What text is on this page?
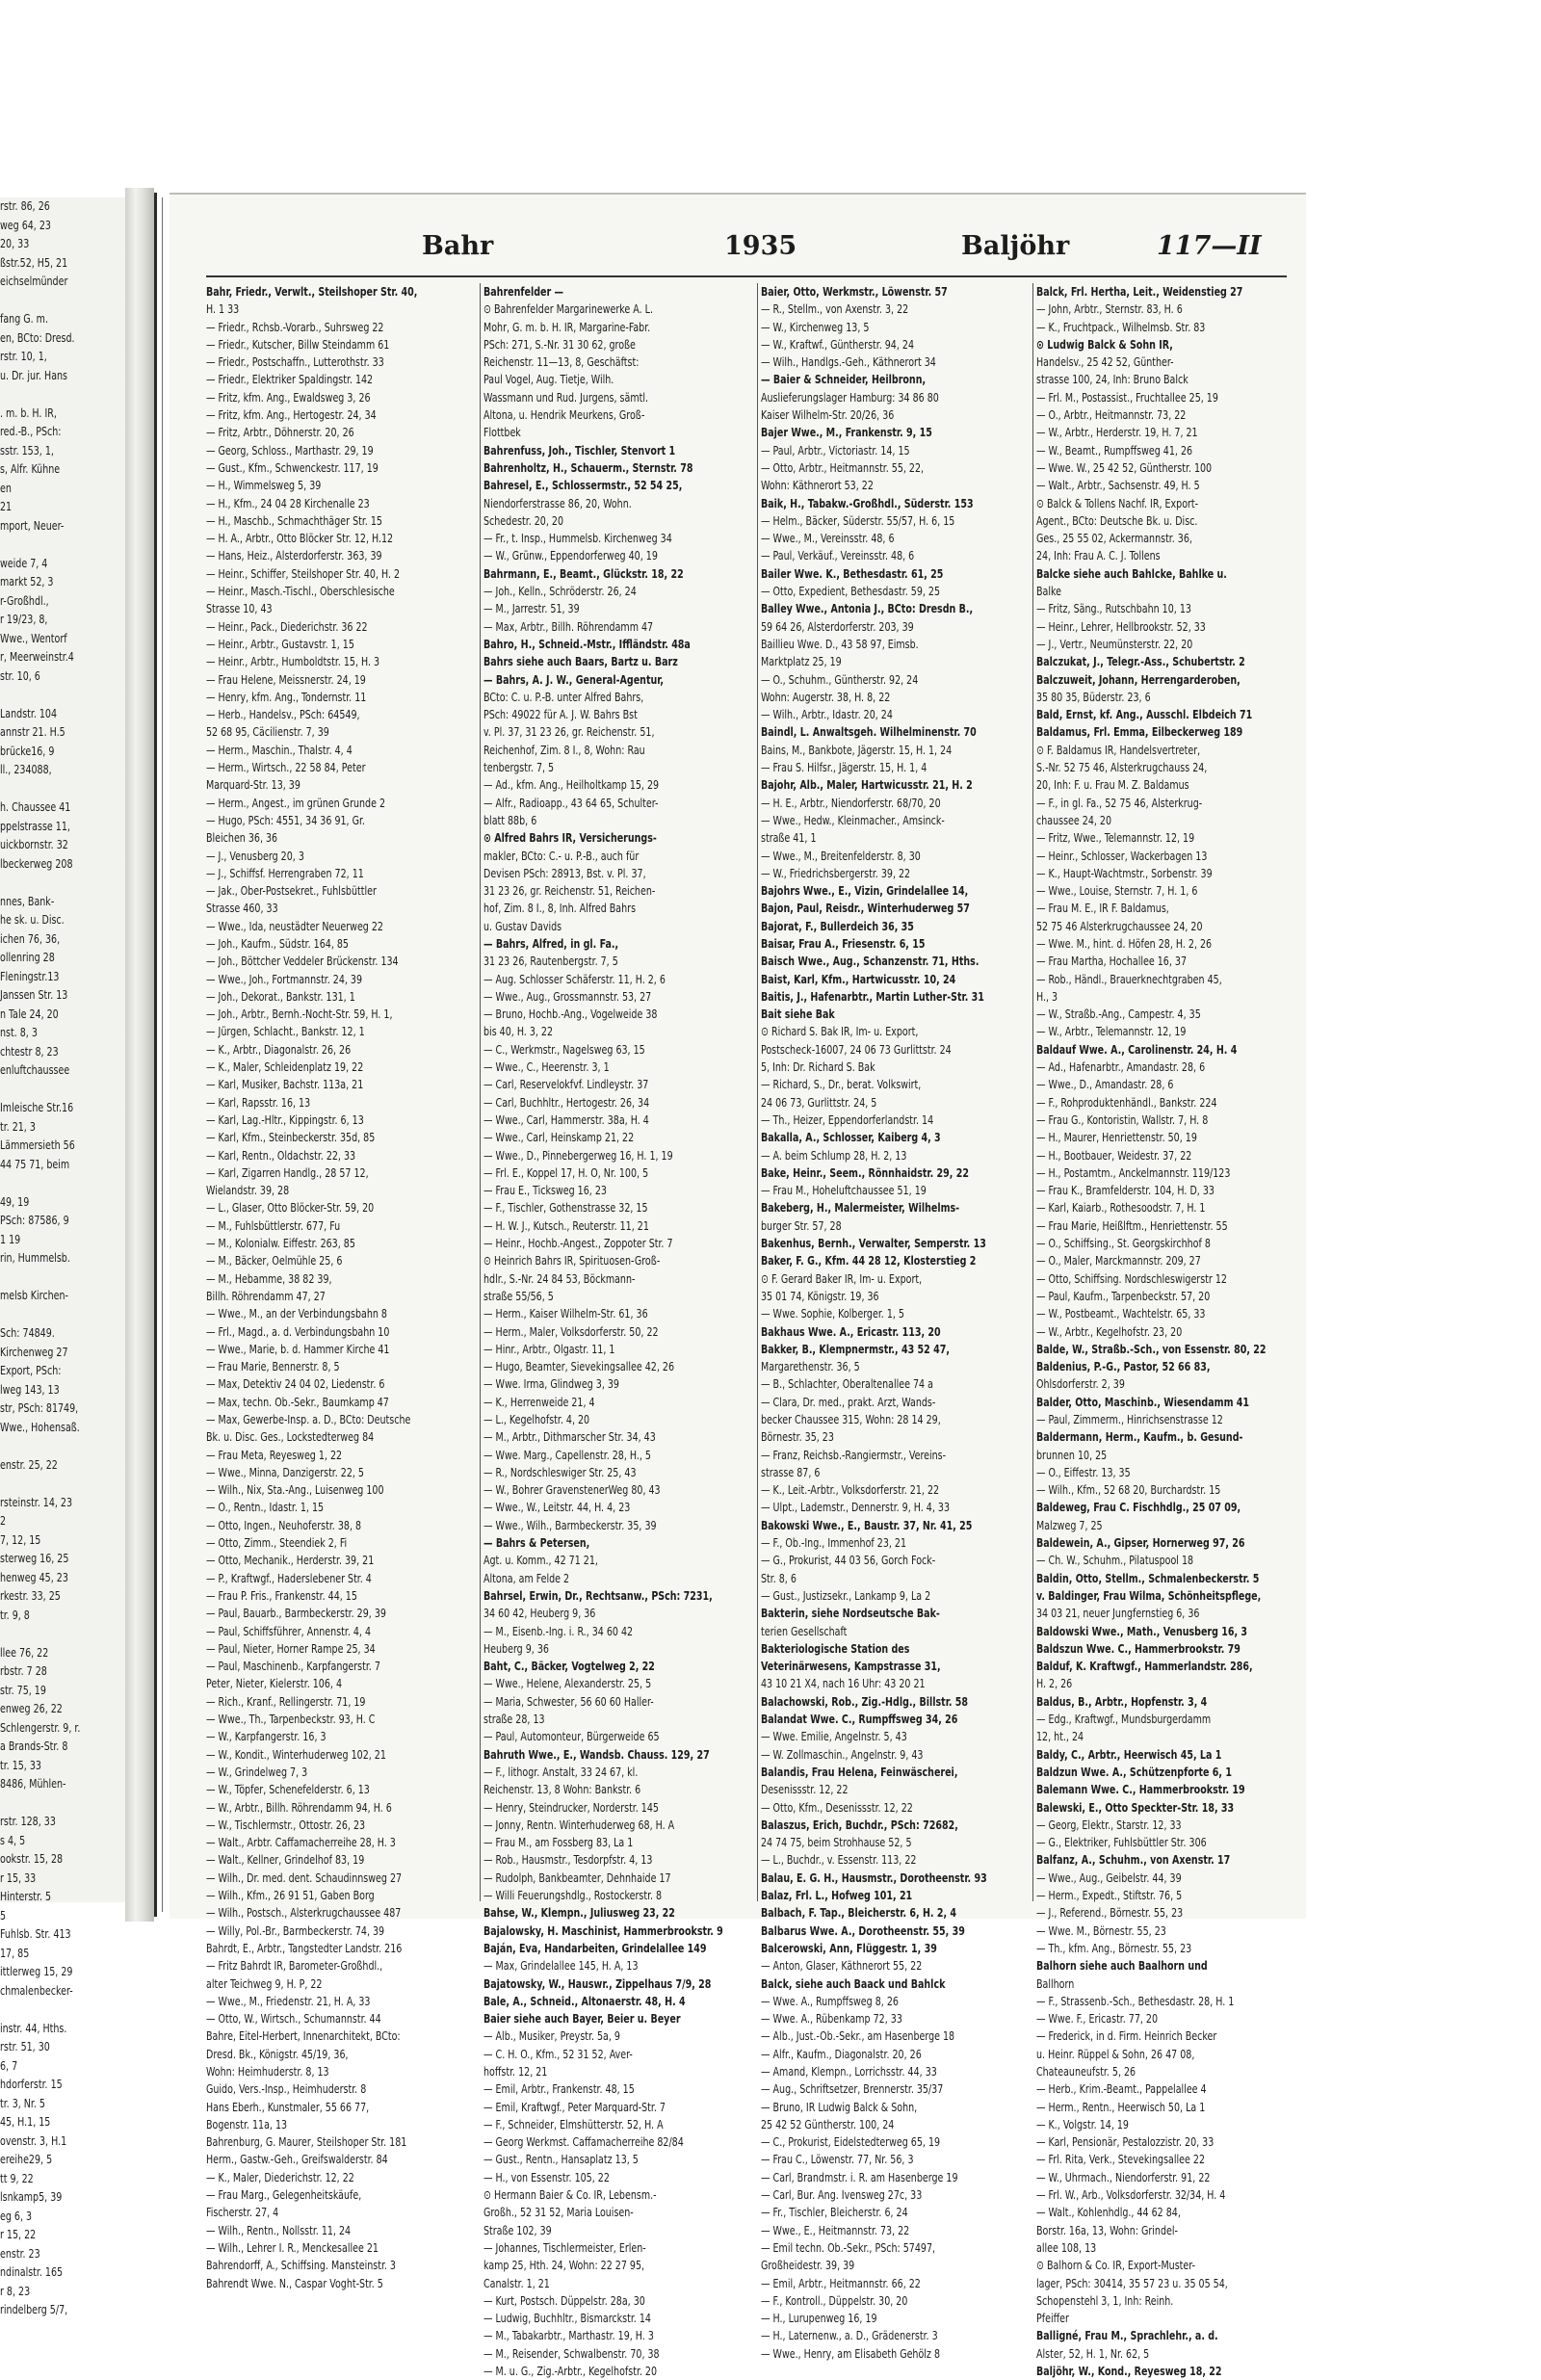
rstr. 86, 26
weg 64, 23
20, 33
ßstr.52, H5, 21
eichselmünder

fang G. m.
en, BCto: Dresd.
rstr. 10, 1,
u. Dr. jur. Hans

. m. b. H. IR,
red.-B., PSch:
sstr. 153, 1,
s, Alfr. Kühne
en
21
mport, Neuer-

weide 7, 4
markt 52, 3
r-Großhdl.,
r 19/23, 8,
Wwe., Wentorf
r, Meerweinstr.4
str. 10, 6

Landstr. 104
annstr 21. H.5
brücke16, 9
ll., 234088,

h. Chaussee 41
ppelstrasse 11,
uickbornstr. 32
lbeckerweg 208

nnes, Bank-
he sk. u. Disc.
ichen 76, 36,
ollenring 28
Fleningstr.13
Janssen Str. 13
n Tale 24, 20
nst. 8, 3
chtestr 8, 23
enluftchaussee

Imleische Str.16
tr. 21, 3
Lämmersieth 56
44 75 71, beim

49, 19
PSch: 87586, 9
1 19
rin, Hummelsb.

melsb Kirchen-

Sch: 74849.
Kirchenweg 27
Export, PSch:
lweg 143, 13
str, PSch: 81749,
Wwe., Hohensaß.

enstr. 25, 22

rsteinstr. 14, 23
2
7, 12, 15
sterweg 16, 25
henweg 45, 23
rkestr. 33, 25
tr. 9, 8

llee 76, 22
rbstr. 7 28
str. 75, 19
enweg 26, 22
Schlengerstr. 9, r.
a Brands-Str. 8
tr. 15, 33
8486, Mühlen-

rstr. 128, 33
s 4, 5
ookstr. 15, 28
r 15, 33
Hinterstr. 5
5
Fuhlsb. Str. 413
17, 85
ittlerweg 15, 29
chmalenbecker-

instr. 44, Hths.
rstr. 51, 30
6, 7
hdorferstr. 15
tr. 3, Nr. 5
45, H.1, 15
ovenstr. 3, H.1
ereihe29, 5
tt 9, 22
lsnkamp5, 39
eg 6, 3
r 15, 22
enstr. 23
ndinalstr. 165
r 8, 23
rindelberg 5/7,
Bahr	1935	Baljöhr	117—II
Bahr, Friedr., Verwlt., Steilshoper Str. 40,
H. 1 33
— Friedr., Rchsb.-Vorarb., Suhrsweg 22
— Friedr., Kutscher, Billw Steindamm 61
— Friedr., Postschaffn., Lutterothstr. 33
— Friedr., Elektriker Spaldingstr. 142
— Fritz, kfm. Ang., Ewaldsweg 3, 26
— Fritz, kfm. Ang., Hertogestr. 24, 34
— Fritz, Arbtr., Döhnerstr. 20, 26
— Georg, Schloss., Marthastr. 29, 19
— Gust., Kfm., Schwenckestr. 117, 19
— H., Wimmelsweg 5, 39
— H., Kfm., 24 04 28 Kirchenalle 23
— H., Maschb., Schmachthäger Str. 15
— H. A., Arbtr., Otto Blöcker Str. 12, H.12
— Hans, Heiz., Alsterdorferstr. 363, 39
— Heinr., Schiffer, Steilshoper Str. 40, H. 2
— Heinr., Masch.-Tischl., Oberschlesische
Strasse 10, 43
— Heinr., Pack., Diederichstr. 36 22
— Heinr., Arbtr., Gustavstr. 1, 15
— Heinr., Arbtr., Humboldtstr. 15, H. 3
— Frau Helene, Meissnerstr. 24, 19
— Henry, kfm. Ang., Tondernstr. 11
— Herb., Handelsv., PSch: 64549,
52 68 95, Cäcilienstr. 7, 39
— Herm., Maschin., Thalstr. 4, 4
— Herm., Wirtsch., 22 58 84, Peter
Marquard-Str. 13, 39
— Herm., Angest., im grünen Grunde 2
— Hugo, PSch: 4551, 34 36 91, Gr.
Bleichen 36, 36
— J., Venusberg 20, 3
— J., Schiffsf. Herrengraben 72, 11
— Jak., Ober-Postsekret., Fuhlsbüttler
Strasse 460, 33
— Wwe., Ida, neustädter Neuerweg 22
— Joh., Kaufm., Südstr. 164, 85
— Joh., Böttcher Veddeler Brückenstr. 134
— Wwe., Joh., Fortmannstr. 24, 39
— Joh., Dekorat., Bankstr. 131, 1
— Joh., Arbtr., Bernh.-Nocht-Str. 59, H. 1,
— Jürgen, Schlacht., Bankstr. 12, 1
— K., Arbtr., Diagonalstr. 26, 26
— K., Maler, Schleidenplatz 19, 22
— Karl, Musiker, Bachstr. 113a, 21
— Karl, Rapsstr. 16, 13
— Karl, Lag.-Hltr., Kippingstr. 6, 13
— Karl, Kfm., Steinbeckerstr. 35d, 85
— Karl, Rentn., Oldachstr. 22, 33
— Karl, Zigarren Handlg., 28 57 12,
Wielandstr. 39, 28
— L., Glaser, Otto Blöcker-Str. 59, 20
— M., Fuhlsbüttlerstr. 677, Fu
— M., Kolonialw. Eiffestr. 263, 85
— M., Bäcker, Oelmühle 25, 6
— M., Hebamme, 38 82 39,
Billh. Röhrendamm 47, 27
— Wwe., M., an der Verbindungsbahn 8
— Frl., Magd., a. d. Verbindungsbahn 10
— Wwe., Marie, b. d. Hammer Kirche 41
— Frau Marie, Bennerstr. 8, 5
— Max, Detektiv 24 04 02, Liedenstr. 6
— Max, techn. Ob.-Sekr., Baumkamp 47
— Max, Gewerbe-Insp. a. D., BCto: Deutsche
Bk. u. Disc. Ges., Lockstedterweg 84
— Frau Meta, Reyesweg 1, 22
— Wwe., Minna, Danzigerstr. 22, 5
— Wilh., Nix, Sta.-Ang., Luisenweg 100
— O., Rentn., Idastr. 1, 15
— Otto, Ingen., Neuhoferstr. 38, 8
— Otto, Zimm., Steendiek 2, Fi
— Otto, Mechanik., Herderstr. 39, 21
— P., Kraftwgf., Haderslebener Str. 4
— Frau P. Fris., Frankenstr. 44, 15
— Paul, Bauarb., Barmbeckerstr. 29, 39
— Paul, Schiffsführer, Annenstr. 4, 4
— Paul, Nieter, Horner Rampe 25, 34
— Paul, Maschinenb., Karpfangerstr. 7
Peter, Nieter, Kielerstr. 106, 4
— Rich., Kranf., Rellingerstr. 71, 19
— Wwe., Th., Tarpenbeckstr. 93, H. C
— W., Karpfangerstr. 16, 3
— W., Kondit., Winterhuderweg 102, 21
— W., Grindelweg 7, 3
— W., Töpfer, Schenefelderstr. 6, 13
— W., Arbtr., Billh. Röhrendamm 94, H. 6
— W., Tischlermstr., Ottostr. 26, 23
— Walt., Arbtr. Caffamacherreihe 28, H. 3
— Walt., Kellner, Grindelhof 83, 19
— Wilh., Dr. med. dent. Schaudinnsweg 27
— Wilh., Kfm., 26 91 51, Gaben Borg
— Wilh., Postsch., Alsterkrugchaussee 487
— Willy, Pol.-Br., Barmbeckerstr. 74, 39
Bahrdt, E., Arbtr., Tangstedter Landstr. 216
— Fritz Bahrdt IR, Barometer-Großhdl.,
alter Teichweg 9, H. P, 22
— Wwe., M., Friedenstr. 21, H. A, 33
— Otto, W., Wirtsch., Schumannstr. 44
Bahre, Eitel-Herbert, Innenarchitekt, BCto:
Dresd. Bk., Königstr. 45/19, 36,
Wohn: Heimhuderstr. 8, 13
Guido, Vers.-Insp., Heimhuderstr. 8
Hans Eberh., Kunstmaler, 55 66 77,
Bogenstr. 11a, 13
Bahrenburg, G. Maurer, Steilshoper Str. 181
Herm., Gastw.-Geh., Greifswalderstr. 84
— K., Maler, Diederichstr. 12, 22
— Frau Marg., Gelegenheitskäufe,
Fischerstr. 27, 4
— Wilh., Rentn., Nollsstr. 11, 24
— Wilh., Lehrer I. R., Menckesallee 21
Bahrendorff, A., Schiffsing. Mansteinstr. 3
Bahrendt Wwe. N., Caspar Voght-Str. 5
Bahrenfelder —
⊙ Bahrenfelder Margarinewerke A. L.
Mohr, G. m. b. H. IR, Margarine-Fabr.
PSch: 271, S.-Nr. 31 30 62, große
Reichenstr. 11—13, 8, Geschäftst:
Paul Vogel, Aug. Tietje, Wilh.
Wassmann und Rud. Jurgens, sämtl.
Altona, u. Hendrik Meurkens, Groß-
Flottbek
Bahrenfuss, Joh., Tischler, Stenvort 1
Bahrenholtz, H., Schauerm., Sternstr. 78
Bahresel, E., Schlossermstr., 52 54 25,
Niendorferstrasse 86, 20, Wohn.
Schedestr. 20, 20
— Fr., t. Insp., Hummelsb. Kirchenweg 34
— W., Grünw., Eppendorferweg 40, 19
Bahrmann, E., Beamt., Glückstr. 18, 22
— Joh., Kelln., Schröderstr. 26, 24
— M., Jarrestr. 51, 39
— Max, Arbtr., Billh. Röhrendamm 47
Bahro, H., Schneid.-Mstr., Iffländstr. 48a
Bahrs siehe auch Baars, Bartz u. Barz
— Bahrs, A. J. W., General-Agentur,
BCto: C. u. P.-B. unter Alfred Bahrs,
PSch: 49022 für A. J. W. Bahrs Bst
v. Pl. 37, 31 23 26, gr. Reichenstr. 51,
Reichenhof, Zim. 8 I., 8, Wohn: Rau
tenbergstr. 7, 5
— Ad., kfm. Ang., Heilholtkamp 15, 29
— Alfr., Radioapp., 43 64 65, Schulter-
blatt 88b, 6
⊙ Alfred Bahrs IR, Versicherungs-
makler, BCto: C.- u. P.-B., auch für
Devisen PSch: 28913, Bst. v. Pl. 37,
31 23 26, gr. Reichenstr. 51, Reichen-
hof, Zim. 8 I., 8, Inh. Alfred Bahrs
u. Gustav Davids
— Bahrs, Alfred, in gl. Fa.,
31 23 26, Rautenbergstr. 7, 5
— Aug. Schlosser Schäferstr. 11, H. 2, 6
— Wwe., Aug., Grossmannstr. 53, 27
— Bruno, Hochb.-Ang., Vogelweide 38
bis 40, H. 3, 22
— C., Werkmstr., Nagelsweg 63, 15
— Wwe., C., Heerenstr. 3, 1
— Carl, Reservelokfvf. Lindleystr. 37
— Carl, Buchhltr., Hertogestr. 26, 34
— Wwe., Carl, Hammerstr. 38a, H. 4
— Wwe., Carl, Heinskamp 21, 22
— Wwe., D., Pinnebergerweg 16, H. 1, 19
— Frl. E., Koppel 17, H. O, Nr. 100, 5
— Frau E., Ticksweg 16, 23
— F., Tischler, Gothenstrasse 32, 15
— H. W. J., Kutsch., Reuterstr. 11, 21
— Heinr., Hochb.-Angest., Zoppoter Str. 7
⊙ Heinrich Bahrs IR, Spirituosen-Groß-
hdlr., S.-Nr. 24 84 53, Böckmann-
straße 55/56, 5
— Herm., Kaiser Wilhelm-Str. 61, 36
— Herm., Maler, Volksdorferstr. 50, 22
— Hinr., Arbtr., Olgastr. 11, 1
— Hugo, Beamter, Sievekingsallee 42, 26
— Wwe. Irma, Glindweg 3, 39
— K., Herrenweide 21, 4
— L., Kegelhofstr. 4, 20
— M., Arbtr., Dithmarscher Str. 34, 43
— Wwe. Marg., Capellenstr. 28, H., 5
— R., Nordschleswiger Str. 25, 43
— W., Bohrer GravenstenerWeg 80, 43
— Wwe., W., Leitstr. 44, H. 4, 23
— Wwe., Wilh., Barmbeckerstr. 35, 39
— Bahrs & Petersen,
Agt. u. Komm., 42 71 21,
Altona, am Felde 2
Bahrsel, Erwin, Dr., Rechtsanw., PSch: 7231,
34 60 42, Heuberg 9, 36
— M., Eisenb.-Ing. i. R., 34 60 42
Heuberg 9, 36
Baht, C., Bäcker, Vogtelweg 2, 22
— Wwe., Helene, Alexanderstr. 25, 5
— Maria, Schwester, 56 60 60 Haller-
straße 28, 13
— Paul, Automonteur, Bürgerweide 65
Bahruth Wwe., E., Wandsb. Chauss. 129, 27
— F., lithogr. Anstalt, 33 24 67, kl.
Reichenstr. 13, 8 Wohn: Bankstr. 6
— Henry, Steindrucker, Norderstr. 145
— Jonny, Rentn. Winterhuderweg 68, H. A
— Frau M., am Fossberg 83, La 1
— Rob., Hausmstr., Tesdorpfstr. 4, 13
— Rudolph, Bankbeamter, Dehnhaide 17
— Willi Feuerungshdlg., Rostockerstr. 8
Bahse, W., Klempn., Juliusweg 23, 22
Bajalowsky, H. Maschinist, Hammerbrookstr. 9
Baján, Eva, Handarbeiten, Grindelallee 149
— Max, Grindelallee 145, H. A, 13
Bajatowsky, W., Hauswr., Zippelhaus 7/9, 28
Bale, A., Schneid., Altonaerstr. 48, H. 4
Baier siehe auch Bayer, Beier u. Beyer
— Alb., Musiker, Preystr. 5a, 9
— C. H. O., Kfm., 52 31 52, Aver-
hoffstr. 12, 21
— Emil, Arbtr., Frankenstr. 48, 15
— Emil, Kraftwgf., Peter Marquard-Str. 7
— F., Schneider, Elmshütterstr. 52, H. A
— Georg Werkmst. Caffamacherreihe 82/84
— Gust., Rentn., Hansaplatz 13, 5
— H., von Essenstr. 105, 22
⊙ Hermann Baier & Co. IR, Lebensm.-
Großh., 52 31 52, Maria Louisen-
Straße 102, 39
— Johannes, Tischlermeister, Erlen-
kamp 25, Hth. 24, Wohn: 22 27 95,
Canalstr. 1, 21
— Kurt, Postsch. Düppelstr. 28a, 30
— Ludwig, Buchhltr., Bismarckstr. 14
— M., Tabakarbtr., Marthastr. 19, H. 3
— M., Reisender, Schwalbenstr. 70, 38
— M. u. G., Zig.-Arbtr., Kegelhofstr. 20
Baier, Otto, Werkmstr., Löwenstr. 57
— R., Stellm., von Axenstr. 3, 22
— W., Kirchenweg 13, 5
— W., Kraftwf., Güntherstr. 94, 24
— Wilh., Handlgs.-Geh., Käthnerort 34
— Baier & Schneider, Heilbronn,
Auslieferungslager Hamburg: 34 86 80
Kaiser Wilhelm-Str. 20/26, 36
Bajer Wwe., M., Frankenstr. 9, 15
— Paul, Arbtr., Victoriastr. 14, 15
— Otto, Arbtr., Heitmannstr. 55, 22,
Wohn: Käthnerort 53, 22
Baik, H., Tabakw.-Großhdl., Süderstr. 153
— Helm., Bäcker, Süderstr. 55/57, H. 6, 15
— Wwe., M., Vereinsstr. 48, 6
— Paul, Verkäuf., Vereinsstr. 48, 6
Bailer Wwe. K., Bethesdastr. 61, 25
— Otto, Expedient, Bethesdastr. 59, 25
Balley Wwe., Antonia J., BCto: Dresdn B.,
59 64 26, Alsterdorferstr. 203, 39
Baillieu Wwe. D., 43 58 97, Eimsb.
Marktplatz 25, 19
— O., Schuhm., Güntherstr. 92, 24
Wohn: Augerstr. 38, H. 8, 22
— Wilh., Arbtr., Idastr. 20, 24
Baindl, L. Anwaltsgeh. Wilhelminenstr. 70
Bains, M., Bankbote, Jägerstr. 15, H. 1, 24
— Frau S. Hilfsr., Jägerstr. 15, H. 1, 4
Bajohr, Alb., Maler, Hartwicusstr. 21, H. 2
— H. E., Arbtr., Niendorferstr. 68/70, 20
— Wwe., Hedw., Kleinmacher., Amsinck-
straße 41, 1
— Wwe., M., Breitenfelderstr. 8, 30
— W., Friedrichsbergerstr. 39, 22
Bajohrs Wwe., E., Vizin, Grindelallee 14,
Bajon, Paul, Reisdr., Winterhuderweg 57
Bajorat, F., Bullerdeich 36, 35
Baisar, Frau A., Friesenstr. 6, 15
Baisch Wwe., Aug., Schanzenstr. 71, Hths.
Baist, Karl, Kfm., Hartwicusstr. 10, 24
Baitis, J., Hafenarbtr., Martin Luther-Str. 31
Bait siehe Bak
⊙ Richard S. Bak IR, Im- u. Export,
Postscheck-16007, 24 06 73 Gurlittstr. 24
5, Inh: Dr. Richard S. Bak
— Richard, S., Dr., berat. Volkswirt,
24 06 73, Gurlittstr. 24, 5
— Th., Heizer, Eppendorferlandstr. 14
Bakalla, A., Schlosser, Kaiberg 4, 3
— A. beim Schlump 28, H. 2, 13
Bake, Heinr., Seem., Rönnhaidstr. 29, 22
— Frau M., Hoheluftchaussee 51, 19
Bakeberg, H., Malermeister, Wilhelms-
burger Str. 57, 28
Bakenhus, Bernh., Verwalter, Semperstr. 13
Baker, F. G., Kfm. 44 28 12, Klosterstieg 2
⊙ F. Gerard Baker IR, Im- u. Export,
35 01 74, Königstr. 19, 36
— Wwe. Sophie, Kolberger. 1, 5
Bakhaus Wwe. A., Ericastr. 113, 20
Bakker, B., Klempnermstr., 43 52 47,
Margarethenstr. 36, 5
— B., Schlachter, Oberaltenallee 74 a
— Clara, Dr. med., prakt. Arzt, Wands-
becker Chaussee 315, Wohn: 28 14 29,
Börnestr. 35, 23
— Franz, Reichsb.-Rangiermstr., Vereins-
strasse 87, 6
— K., Leit.-Arbtr., Volksdorferstr. 21, 22
— Ulpt., Lademstr., Dennerstr. 9, H. 4, 33
Bakowski Wwe., E., Baustr. 37, Nr. 41, 25
— F., Ob.-Ing., Immenhof 23, 21
— G., Prokurist, 44 03 56, Gorch Fock-
Str. 8, 6
— Gust., Justizsekr., Lankamp 9, La 2
Bakterin, siehe Nordseutsche Bak-
terien Gesellschaft
Bakteriologische Station des
Veterinärwesens, Kampstrasse 31,
43 10 21 X4, nach 16 Uhr: 43 20 21
Balachowski, Rob., Zig.-Hdlg., Billstr. 58
Balandat Wwe. C., Rumpffsweg 34, 26
— Wwe. Emilie, Angelnstr. 5, 43
— W. Zollmaschin., Angelnstr. 9, 43
Balandis, Frau Helena, Feinwäscherei,
Desenissstr. 12, 22
— Otto, Kfm., Desenissstr. 12, 22
Balaszus, Erich, Buchdr., PSch: 72682,
24 74 75, beim Strohhause 52, 5
— L., Buchdr., v. Essenstr. 113, 22
Balau, E. G. H., Hausmstr., Dorotheenstr. 93
Balaz, Frl. L., Hofweg 101, 21
Balbach, F. Tap., Bleicherstr. 6, H. 2, 4
Balbarus Wwe. A., Dorotheenstr. 55, 39
Balcerowski, Ann, Flüggestr. 1, 39
— Anton, Glaser, Käthnerort 55, 22
Balck, siehe auch Baack und Bahlck
— Wwe. A., Rumpffsweg 8, 26
— Wwe. A., Rübenkamp 72, 33
— Alb., Just.-Ob.-Sekr., am Hasenberge 18
— Alfr., Kaufm., Diagonalstr. 20, 26
— Amand, Klempn., Lorrichsstr. 44, 33
— Aug., Schriftsetzer, Brennerstr. 35/37
— Bruno, IR Ludwig Balck & Sohn,
25 42 52 Güntherstr. 100, 24
— C., Prokurist, Eidelstedterweg 65, 19
— Frau C., Löwenstr. 77, Nr. 56, 3
— Carl, Brandmstr. i. R. am Hasenberge 19
— Carl, Bur. Ang. Ivensweg 27c, 33
— Fr., Tischler, Bleicherstr. 6, 24
— Wwe., E., Heitmannstr. 73, 22
— Emil techn. Ob.-Sekr., PSch: 57497,
Großheidestr. 39, 39
— Emil, Arbtr., Heitmannstr. 66, 22
— F., Kontroll., Düppelstr. 30, 20
— H., Lurupenweg 16, 19
— H., Laternenw., a. D., Grädenerstr. 3
— Wwe., Henry, am Elisabeth Gehölz 8
Balck, Frl. Hertha, Leit., Weidenstieg 27
— John, Arbtr., Sternstr. 83, H. 6
— K., Fruchtpack., Wilhelmsb. Str. 83
⊙ Ludwig Balck & Sohn IR,
Handelsv., 25 42 52, Günther-
strasse 100, 24, Inh: Bruno Balck
— Frl. M., Postassist., Fruchtallee 25, 19
— O., Arbtr., Heitmannstr. 73, 22
— W., Arbtr., Herderstr. 19, H. 7, 21
— W., Beamt., Rumpffsweg 41, 26
— Wwe. W., 25 42 52, Güntherstr. 100
— Walt., Arbtr., Sachsenstr. 49, H. 5
⊙ Balck & Tollens Nachf. IR, Export-
Agent., BCto: Deutsche Bk. u. Disc.
Ges., 25 55 02, Ackermannstr. 36,
24, Inh: Frau A. C. J. Tollens
Balcke siehe auch Bahlcke, Bahlke u.
Balke
— Fritz, Säng., Rutschbahn 10, 13
— Heinr., Lehrer, Hellbrookstr. 52, 33
— J., Vertr., Neumünsterstr. 22, 20
Balczukat, J., Telegr.-Ass., Schubertstr. 2
Balczuweit, Johann, Herrengarderoben,
35 80 35, Büderstr. 23, 6
Bald, Ernst, kf. Ang., Ausschl. Elbdeich 71
Baldamus, Frl. Emma, Eilbeckerweg 189
⊙ F. Baldamus IR, Handelsvertreter,
S.-Nr. 52 75 46, Alsterkrugchauss 24,
20, Inh: F. u. Frau M. Z. Baldamus
— F., in gl. Fa., 52 75 46, Alsterkrug-
chaussee 24, 20
— Fritz, Wwe., Telemannstr. 12, 19
— Heinr., Schlosser, Wackerbagen 13
— K., Haupt-Wachtmstr., Sorbenstr. 39
— Wwe., Louise, Sternstr. 7, H. 1, 6
— Frau M. E., IR F. Baldamus,
52 75 46 Alsterkrugchaussee 24, 20
— Wwe. M., hint. d. Höfen 28, H. 2, 26
— Frau Martha, Hochallee 16, 37
— Rob., Händl., Brauerknechtgraben 45,
H., 3
— W., Straßb.-Ang., Campestr. 4, 35
— W., Arbtr., Telemannstr. 12, 19
Baldauf Wwe. A., Carolinenstr. 24, H. 4
— Ad., Hafenarbtr., Amandastr. 28, 6
— Wwe., D., Amandastr. 28, 6
— F., Rohproduktenhändl., Bankstr. 224
— Frau G., Kontoristin, Wallstr. 7, H. 8
— H., Maurer, Henriettenstr. 50, 19
— H., Bootbauer, Weidestr. 37, 22
— H., Postamtm., Anckelmannstr. 119/123
— Frau K., Bramfelderstr. 104, H. D, 33
— Karl, Kaiarb., Rothesoodstr. 7, H. 1
— Frau Marie, Heißlftm., Henriettenstr. 55
— O., Schiffsing., St. Georgskirchhof 8
— O., Maler, Marckmannstr. 209, 27
— Otto, Schiffsing. Nordschleswigerstr 12
— Paul, Kaufm., Tarpenbeckstr. 57, 20
— W., Postbeamt., Wachtelstr. 65, 33
— W., Arbtr., Kegelhofstr. 23, 20
Balde, W., Straßb.-Sch., von Essenstr. 80, 22
Baldenius, P.-G., Pastor, 52 66 83,
Ohlsdorferstr. 2, 39
Balder, Otto, Maschinb., Wiesendamm 41
— Paul, Zimmerm., Hinrichsenstrasse 12
Baldermann, Herm., Kaufm., b. Gesund-
brunnen 10, 25
— O., Eiffestr. 13, 35
— Wilh., Kfm., 52 68 20, Burchardstr. 15
Baldeweg, Frau C. Fischhdlg., 25 07 09,
Malzweg 7, 25
Baldewein, A., Gipser, Hornerweg 97, 26
— Ch. W., Schuhm., Pilatuspool 18
Baldin, Otto, Stellm., Schmalenbeckerstr. 5
v. Baldinger, Frau Wilma, Schönheitspflege,
34 03 21, neuer Jungfernstieg 6, 36
Baldowski Wwe., Math., Venusberg 16, 3
Baldszun Wwe. C., Hammerbrookstr. 79
Balduf, K. Kraftwgf., Hammerlandstr. 286,
H. 2, 26
Baldus, B., Arbtr., Hopfenstr. 3, 4
— Edg., Kraftwgf., Mundsburgerdamm
12, ht., 24
Baldy, C., Arbtr., Heerwisch 45, La 1
Baldzun Wwe. A., Schützenpforte 6, 1
Balemann Wwe. C., Hammerbrookstr. 19
Balewski, E., Otto Speckter-Str. 18, 33
— Georg, Elektr., Starstr. 12, 33
— G., Elektriker, Fuhlsbüttler Str. 306
Balfanz, A., Schuhm., von Axenstr. 17
— Wwe., Aug., Geibelstr. 44, 39
— Herm., Expedt., Stiftstr. 76, 5
— J., Referend., Börnestr. 55, 23
— Wwe. M., Börnestr. 55, 23
— Th., kfm. Ang., Börnestr. 55, 23
Balhorn siehe auch Baalhorn und
Ballhorn
— F., Strassenb.-Sch., Bethesdastr. 28, H. 1
— Wwe. F., Ericastr. 77, 20
— Frederick, in d. Firm. Heinrich Becker
u. Heinr. Rüppel & Sohn, 26 47 08,
Chateauneufstr. 5, 26
— Herb., Krim.-Beamt., Pappelallee 4
— Herm., Rentn., Heerwisch 50, La 1
— K., Volgstr. 14, 19
— Karl, Pensionär, Pestalozzistr. 20, 33
— Frl. Rita, Verk., Stevekingsallee 22
— W., Uhrmach., Niendorferstr. 91, 22
— Frl. W., Arb., Volksdorferstr. 32/34, H. 4
— Walt., Kohlenhdlg., 44 62 84,
Borstr. 16a, 13, Wohn: Grindel-
allee 108, 13
⊙ Balhorn & Co. IR, Export-Muster-
lager, PSch: 30414, 35 57 23 u. 35 05 54,
Schopenstehl 3, 1, Inh: Reinh.
Pfeiffer
Balligné, Frau M., Sprachlehr., a. d.
Alster, 52, H. 1, Nr. 62, 5
Baljöhr, W., Kond., Reyesweg 18, 22
